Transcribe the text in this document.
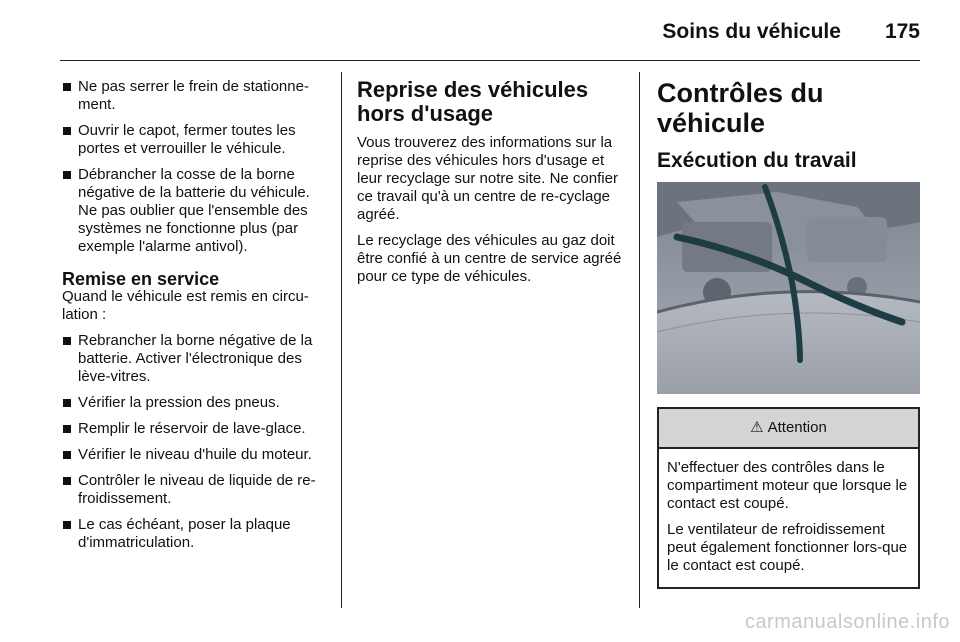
Soins du véhicule 175
Ne pas serrer le frein de stationne-ment.
Ouvrir le capot, fermer toutes les portes et verrouiller le véhicule.
Débrancher la cosse de la borne négative de la batterie du véhicule. Ne pas oublier que l'ensemble des systèmes ne fonctionne plus (par exemple l'alarme antivol).
Remise en service
Quand le véhicule est remis en circu-lation :
Rebrancher la borne négative de la batterie. Activer l'électronique des lève-vitres.
Vérifier la pression des pneus.
Remplir le réservoir de lave-glace.
Vérifier le niveau d'huile du moteur.
Contrôler le niveau de liquide de re-froidissement.
Le cas échéant, poser la plaque d'immatriculation.
Reprise des véhicules hors d'usage
Vous trouverez des informations sur la reprise des véhicules hors d'usage et leur recyclage sur notre site. Ne confier ce travail qu'à un centre de re-cyclage agréé.
Le recyclage des véhicules au gaz doit être confié à un centre de service agréé pour ce type de véhicules.
Contrôles du véhicule
Exécution du travail
⚠ Attention
N'effectuer des contrôles dans le compartiment moteur que lorsque le contact est coupé.
Le ventilateur de refroidissement peut également fonctionner lors-que le contact est coupé.
carmanualsonline.info
